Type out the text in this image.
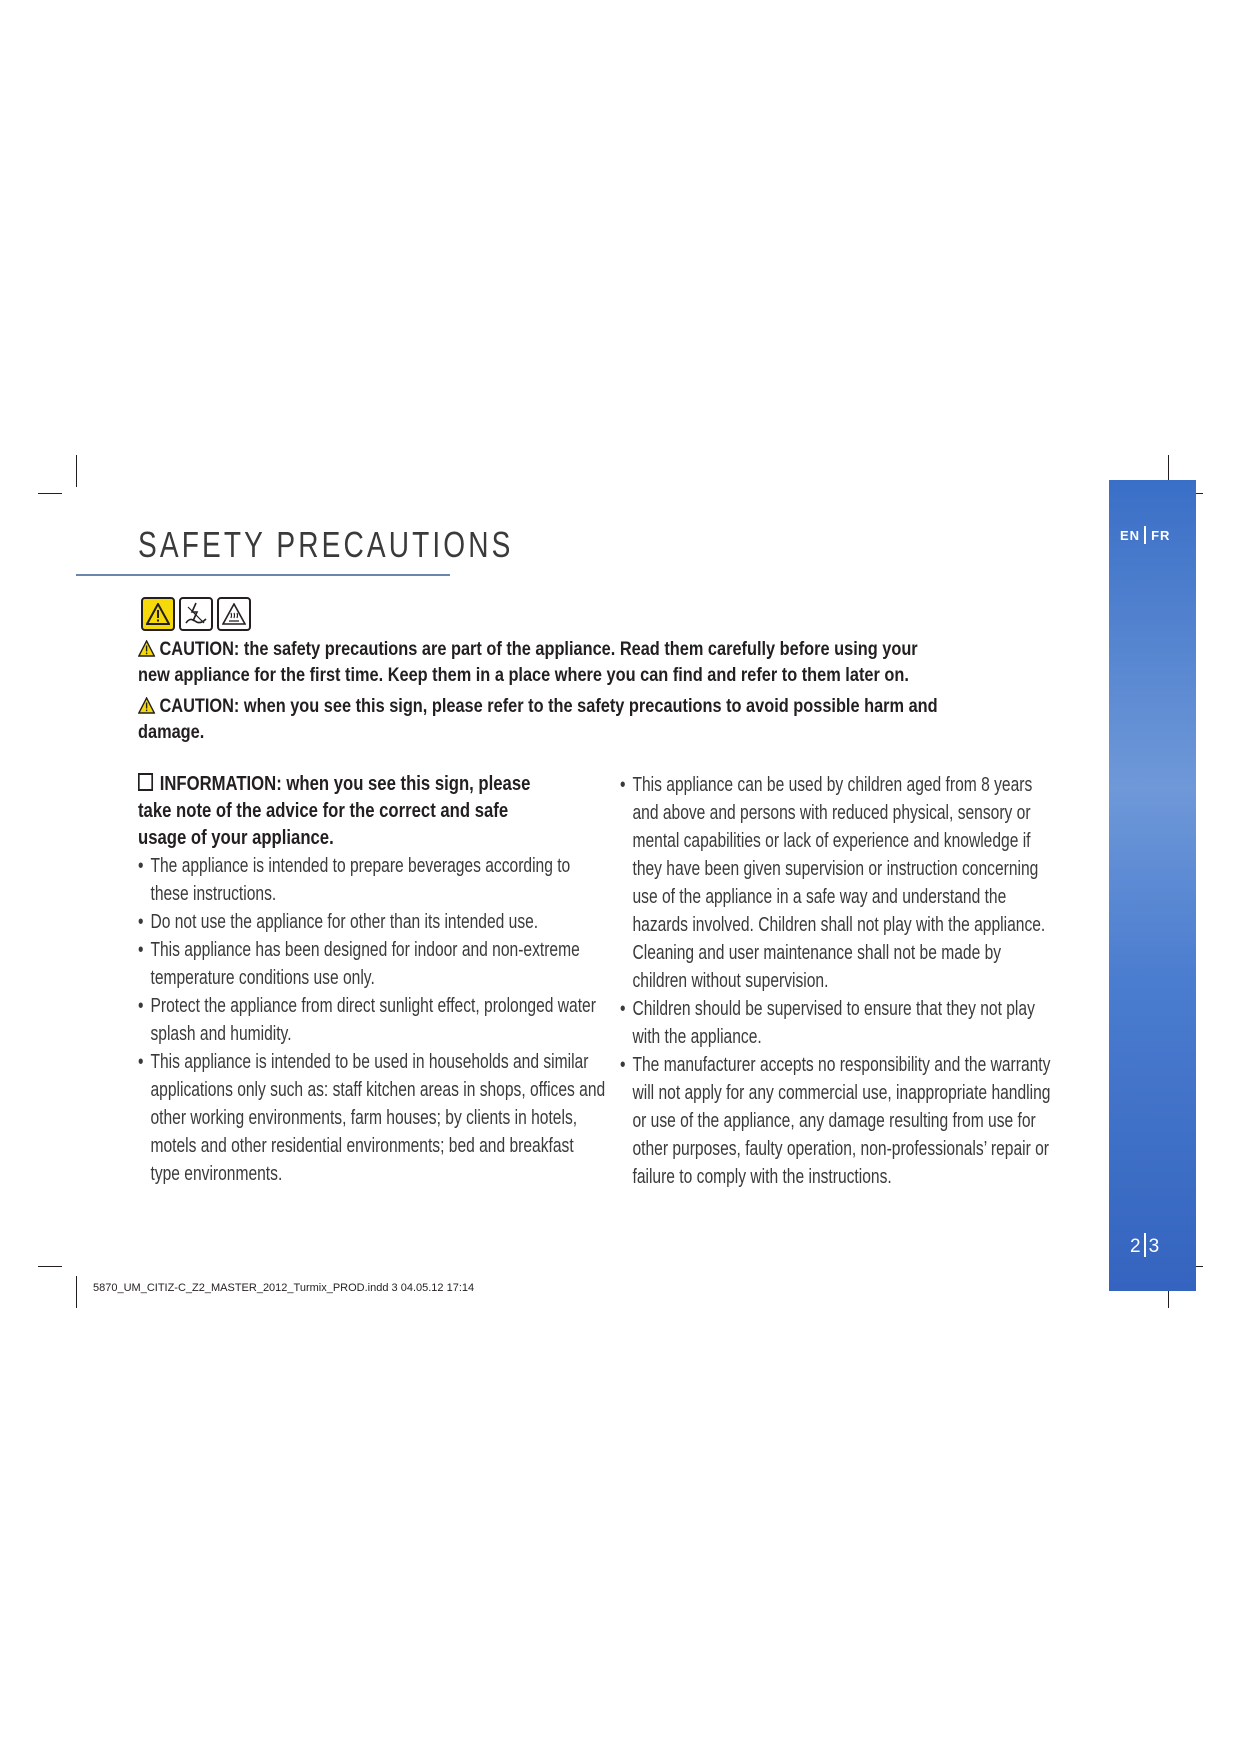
EN FR
2 3
SAFETY PRECAUTIONS

CAUTION: the safety precautions are part of the appliance. Read them carefully before using your new appliance for the first time. Keep them in a place where you can find and refer to them later on.

CAUTION: when you see this sign, please refer to the safety precautions to avoid possible harm and damage.

INFORMATION: when you see this sign, please take note of the advice for the correct and safe usage of your appliance.

• The appliance is intended to prepare beverages according to these instructions.
• Do not use the appliance for other than its intended use.
• This appliance has been designed for indoor and non-extreme temperature conditions use only.
• Protect the appliance from direct sunlight effect, prolonged water splash and humidity.
• This appliance is intended to be used in households and similar applications only such as: staff kitchen areas in shops, offices and other working environments, farm houses; by clients in hotels, motels and other residential environments; bed and breakfast type environments.
• This appliance can be used by children aged from 8 years and above and persons with reduced physical, sensory or mental capabilities or lack of experience and knowledge if they have been given supervision or instruction concerning use of the appliance in a safe way and understand the hazards involved. Children shall not play with the appliance. Cleaning and user maintenance shall not be made by children without supervision.
• Children should be supervised to ensure that they not play with the appliance.
• The manufacturer accepts no responsibility and the warranty will not apply for any commercial use, inappropriate handling or use of the appliance, any damage resulting from use for other purposes, faulty operation, non-professionals’ repair or failure to comply with the instructions.
5870_UM_CITIZ-C_Z2_MASTER_2012_Turmix_PROD.indd 3 04.05.12 17:14
